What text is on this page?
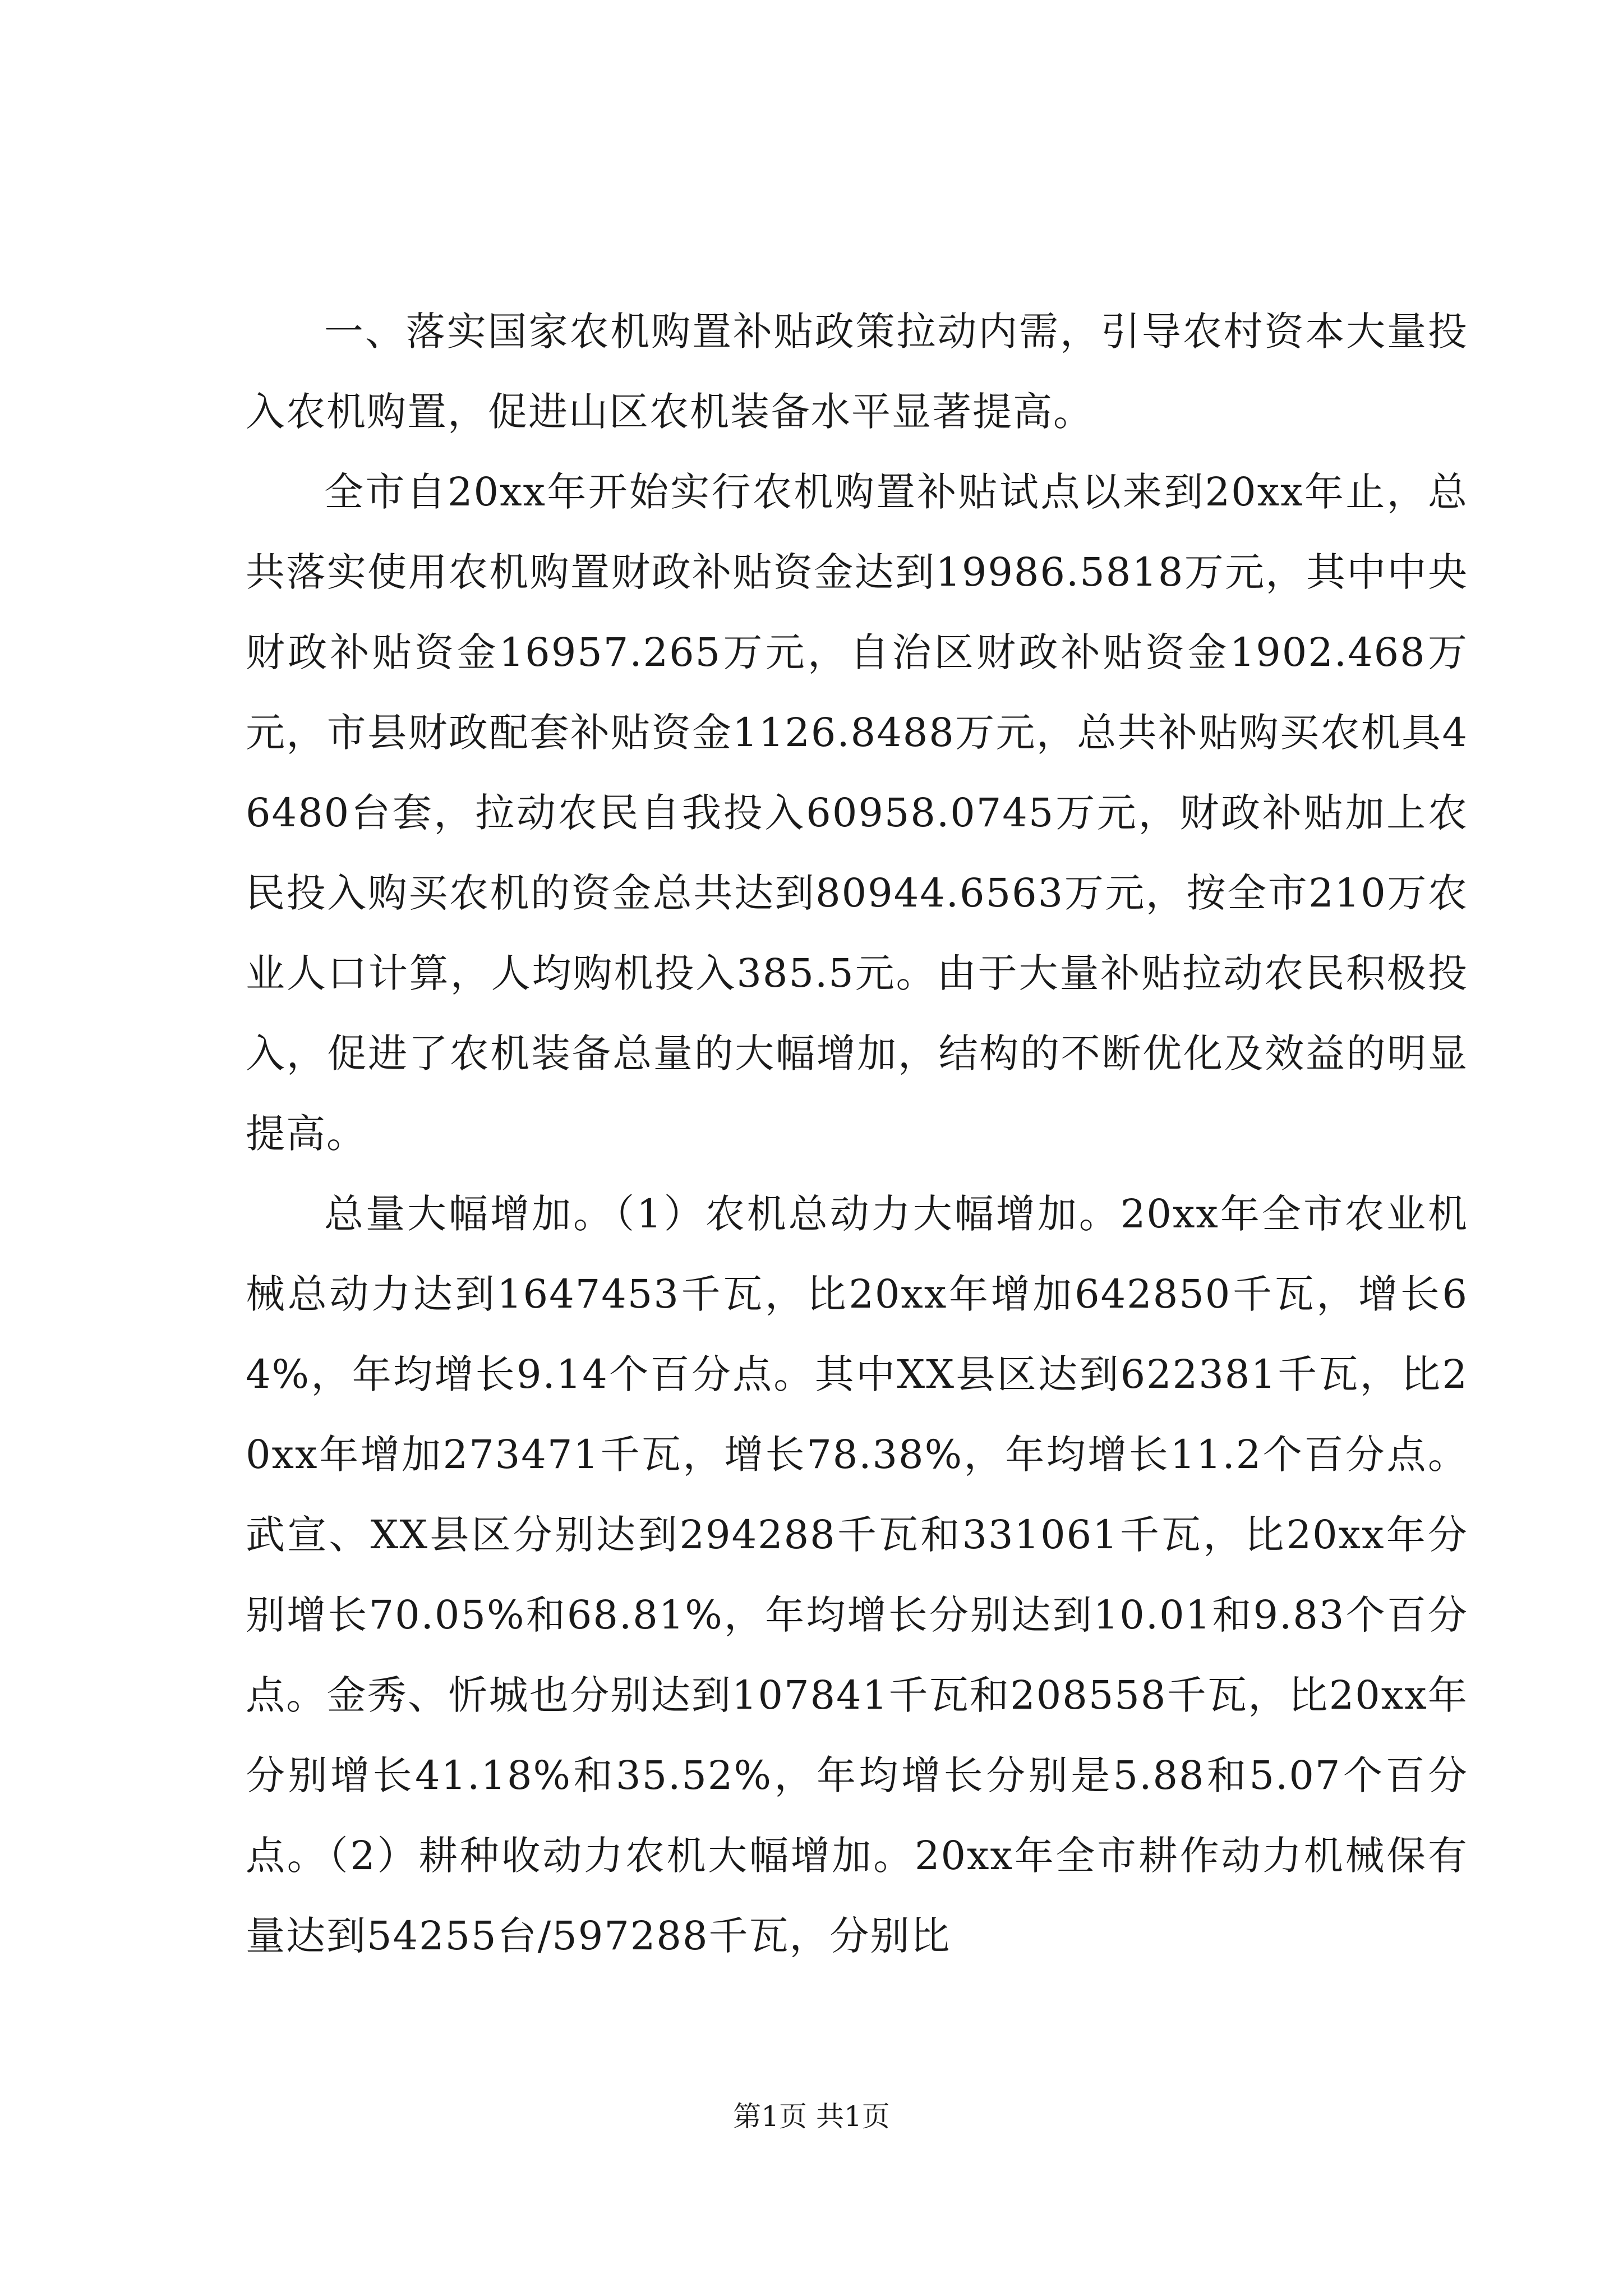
一、落实国家农机购置补贴政策拉动内需，引导农村资本大量投入农机购置，促进山区农机装备水平显著提高。

全市自20xx年开始实行农机购置补贴试点以来到20xx年止，总共落实使用农机购置财政补贴资金达到19986.5818万元，其中中央财政补贴资金16957.265万元，自治区财政补贴资金1902.468万元，市县财政配套补贴资金1126.8488万元，总共补贴购买农机具46480台套，拉动农民自我投入60958.0745万元，财政补贴加上农民投入购买农机的资金总共达到80944.6563万元，按全市210万农业人口计算，人均购机投入385.5元。由于大量补贴拉动农民积极投入，促进了农机装备总量的大幅增加，结构的不断优化及效益的明显提高。

总量大幅增加。（1）农机总动力大幅增加。20xx年全市农业机械总动力达到1647453千瓦，比20xx年增加642850千瓦，增长64%，年均增长9.14个百分点。其中XX县区达到622381千瓦，比20xx年增加273471千瓦，增长78.38%，年均增长11.2个百分点。武宣、XX县区分别达到294288千瓦和331061千瓦，比20xx年分别增长70.05%和68.81%，年均增长分别达到10.01和9.83个百分点。金秀、忻城也分别达到107841千瓦和208558千瓦，比20xx年分别增长41.18%和35.52%，年均增长分别是5.88和5.07个百分点。（2）耕种收动力农机大幅增加。20xx年全市耕作动力机械保有量达到54255台/597288千瓦，分别比

第1页 共1页
